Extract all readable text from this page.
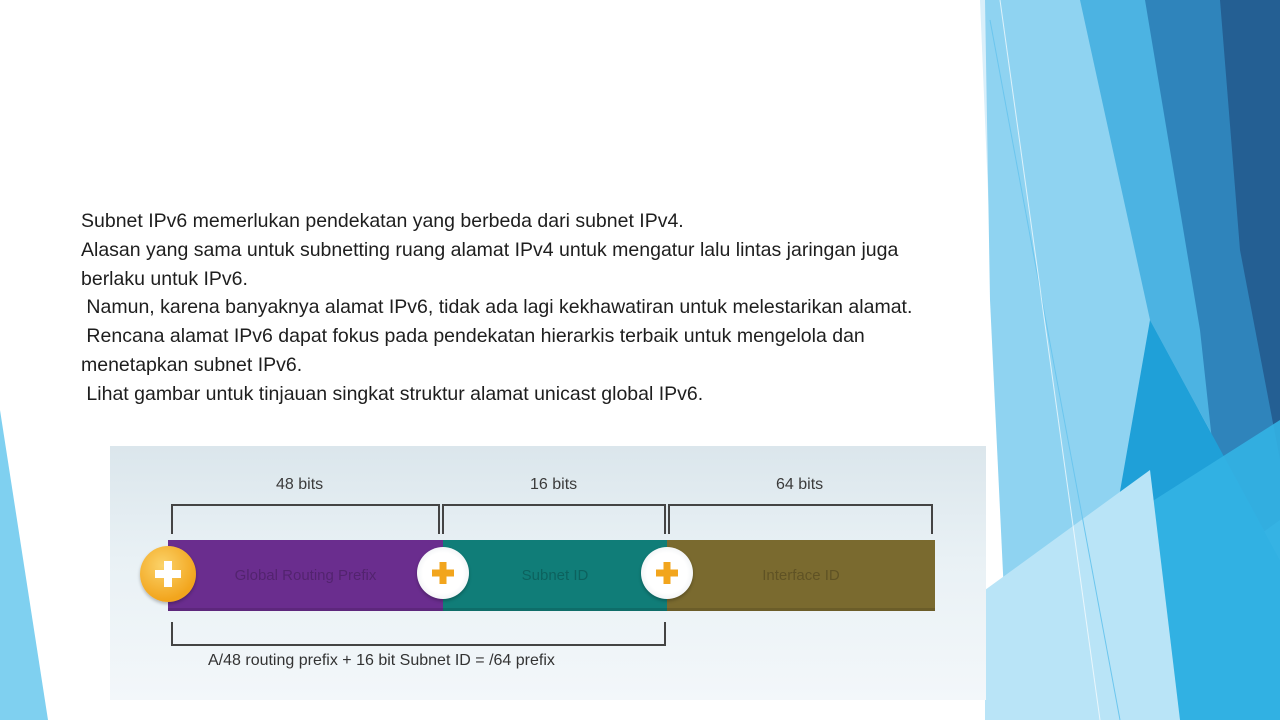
Subnet IPv6 memerlukan pendekatan yang berbeda dari subnet IPv4.

Alasan yang sama untuk subnetting ruang alamat IPv4 untuk mengatur lalu lintas jaringan juga berlaku untuk IPv6.

Namun, karena banyaknya alamat IPv6, tidak ada lagi kekhawatiran untuk melestarikan alamat.

Rencana alamat IPv6 dapat fokus pada pendekatan hierarkis terbaik untuk mengelola dan menetapkan subnet IPv6.

Lihat gambar untuk tinjauan singkat struktur alamat unicast global IPv6.

48 bits	16 bits	64 bits
Global Routing Prefix	Subnet ID	Interface ID
A/48 routing prefix + 16 bit Subnet ID = /64 prefix
